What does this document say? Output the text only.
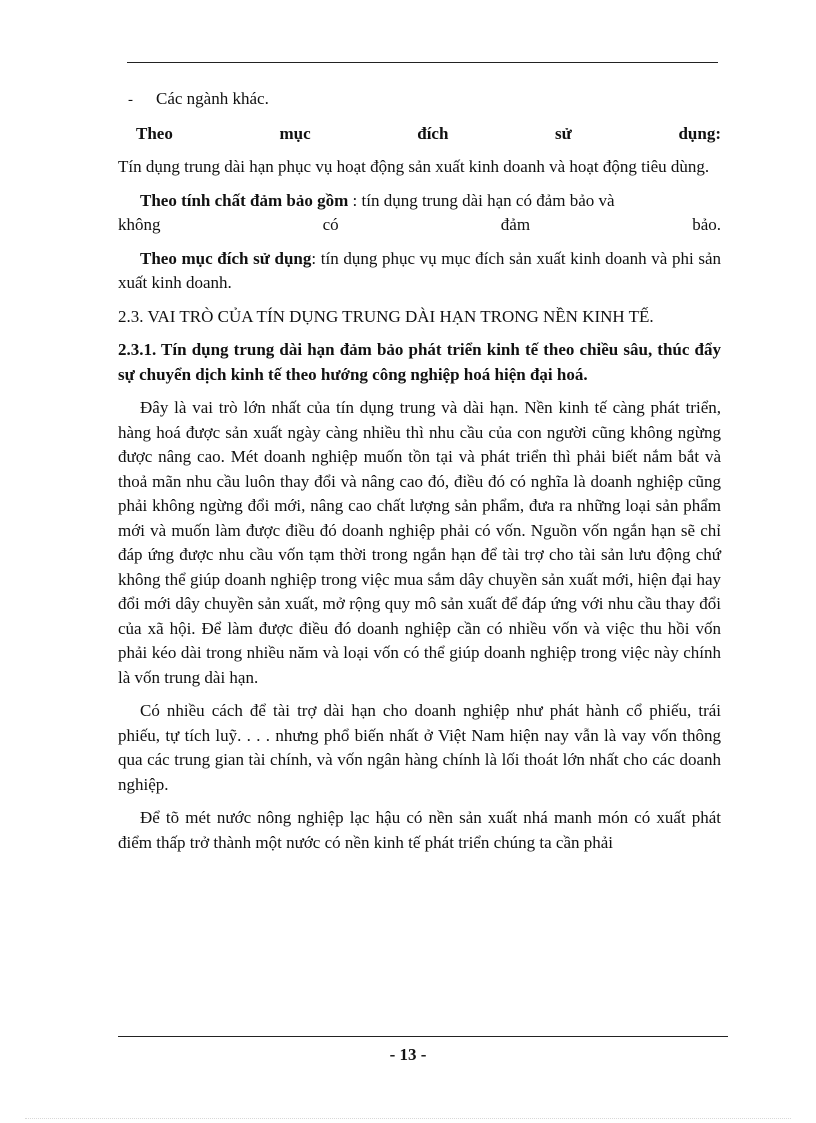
-	Các ngành khác.
Theo	mục	đích	sử	dụng:

Tín dụng trung dài hạn phục vụ hoạt động sản xuất kinh doanh và hoạt động tiêu dùng.

Theo tính chất đảm bảo gồm : tín dụng trung dài hạn có đảm bảo và
không	có	đảm	bảo.

Theo mục đích sử dụng: tín dụng phục vụ mục đích sản xuất kinh doanh và phi sản xuất kinh doanh.

2.3. VAI TRÒ CỦA TÍN DỤNG TRUNG DÀI HẠN TRONG NỀN KINH TẾ.

2.3.1. Tín dụng trung dài hạn đảm bảo phát triển kinh tế theo chiều sâu, thúc đẩy sự chuyển dịch kinh tế theo hướng công nghiệp hoá hiện đại hoá.

Đây là vai trò lớn nhất của tín dụng trung và dài hạn. Nền kinh tế càng phát triển, hàng hoá được sản xuất ngày càng nhiều thì nhu cầu của con người cũng không ngừng được nâng cao. Mét doanh nghiệp muốn tồn tại và phát triển thì phải biết nắm bắt và thoả mãn nhu cầu luôn thay đổi và nâng cao đó, điều đó có nghĩa là doanh nghiệp cũng phải không ngừng đổi mới, nâng cao chất lượng sản phẩm, đưa ra những loại sản phẩm mới và muốn làm được điều đó doanh nghiệp phải có vốn. Nguồn vốn ngắn hạn sẽ chỉ đáp ứng được nhu cầu vốn tạm thời trong ngắn hạn để tài trợ cho tài sản lưu động chứ không thể giúp doanh nghiệp trong việc mua sắm dây chuyền sản xuất mới, hiện đại hay đổi mới dây chuyền sản xuất, mở rộng quy mô sản xuất để đáp ứng với nhu cầu thay đổi của xã hội. Để làm được điều đó doanh nghiệp cần có nhiều vốn và việc thu hồi vốn phải kéo dài trong nhiều năm và loại vốn có thể giúp doanh nghiệp trong việc này chính là vốn trung dài hạn.

Có nhiều cách để tài trợ dài hạn cho doanh nghiệp như phát hành cổ phiếu, trái phiếu, tự tích luỹ. . . . nhưng phổ biến nhất ở Việt Nam hiện nay vẫn là vay vốn thông qua các trung gian tài chính, và vốn ngân hàng chính là lối thoát lớn nhất cho các doanh nghiệp.

Để tõ mét nước nông nghiệp lạc hậu có nền sản xuất nhá manh món có xuất phát điểm thấp trở thành một nước có nền kinh tế phát triển chúng ta cần phải

- 13 -
